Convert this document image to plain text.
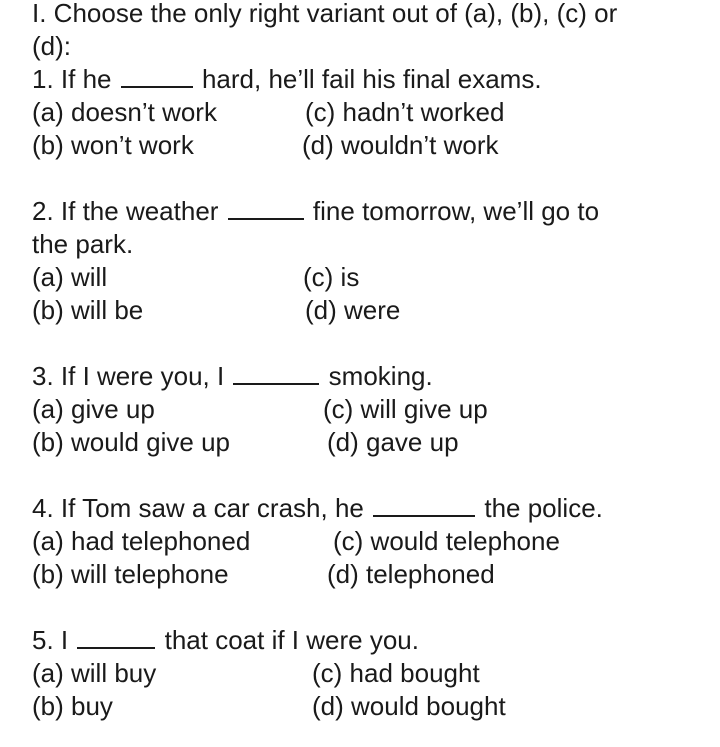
I. Choose the only right variant out of (a), (b), (c) or
(d):
1. If he	hard, he’ll fail his final exams.
(a) doesn’t work	(c) hadn’t worked
(b) won’t work	(d) wouldn’t work
2. If the weather	fine tomorrow, we’ll go to
the park.
(a) will	(c) is
(b) will be	(d) were
3. If I were you, I	smoking.
(a) give up	(c) will give up
(b) would give up	(d) gave up
4. If Tom saw a car crash, he	the police.
(a) had telephoned	(c) would telephone
(b) will telephone	(d) telephoned
5. I	that coat if I were you.
(a) will buy	(c) had bought
(b) buy	(d) would bought
